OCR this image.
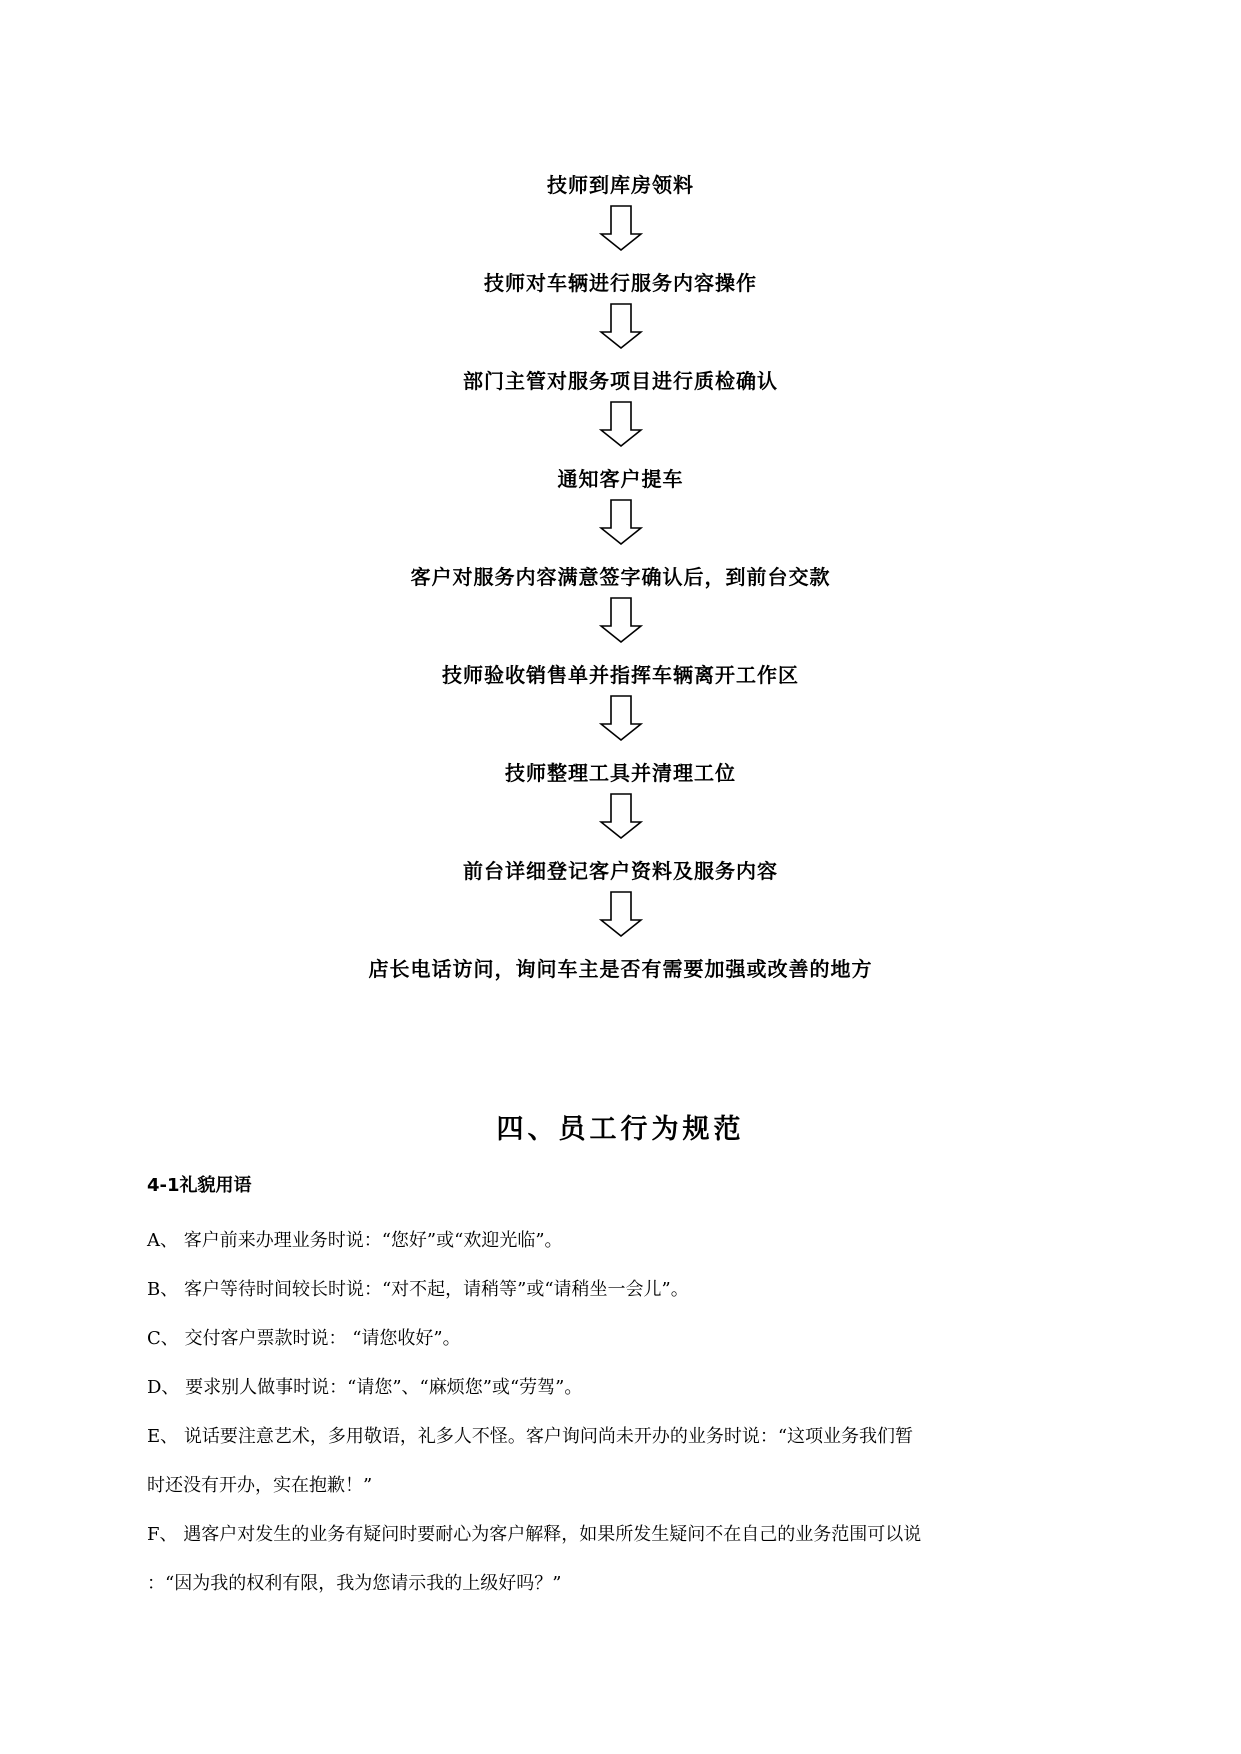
技师到库房领料
技师对车辆进行服务内容操作
部门主管对服务项目进行质检确认
通知客户提车
客户对服务内容满意签字确认后，到前台交款
技师验收销售单并指挥车辆离开工作区
技师整理工具并清理工位
前台详细登记客户资料及服务内容
店长电话访问，询问车主是否有需要加强或改善的地方
四、员工行为规范
4-1礼貌用语
A、 客户前来办理业务时说：“您好”或“欢迎光临”。
B、 客户等待时间较长时说：“对不起，请稍等”或“请稍坐一会儿”。
C、 交付客户票款时说： “请您收好”。
D、 要求别人做事时说：“请您”、“麻烦您”或“劳驾”。
E、 说话要注意艺术，多用敬语，礼多人不怪。客户询问尚未开办的业务时说：“这项业务我们暂
时还没有开办，实在抱歉！”
F、 遇客户对发生的业务有疑问时要耐心为客户解释，如果所发生疑问不在自己的业务范围可以说
：“因为我的权利有限，我为您请示我的上级好吗？”
